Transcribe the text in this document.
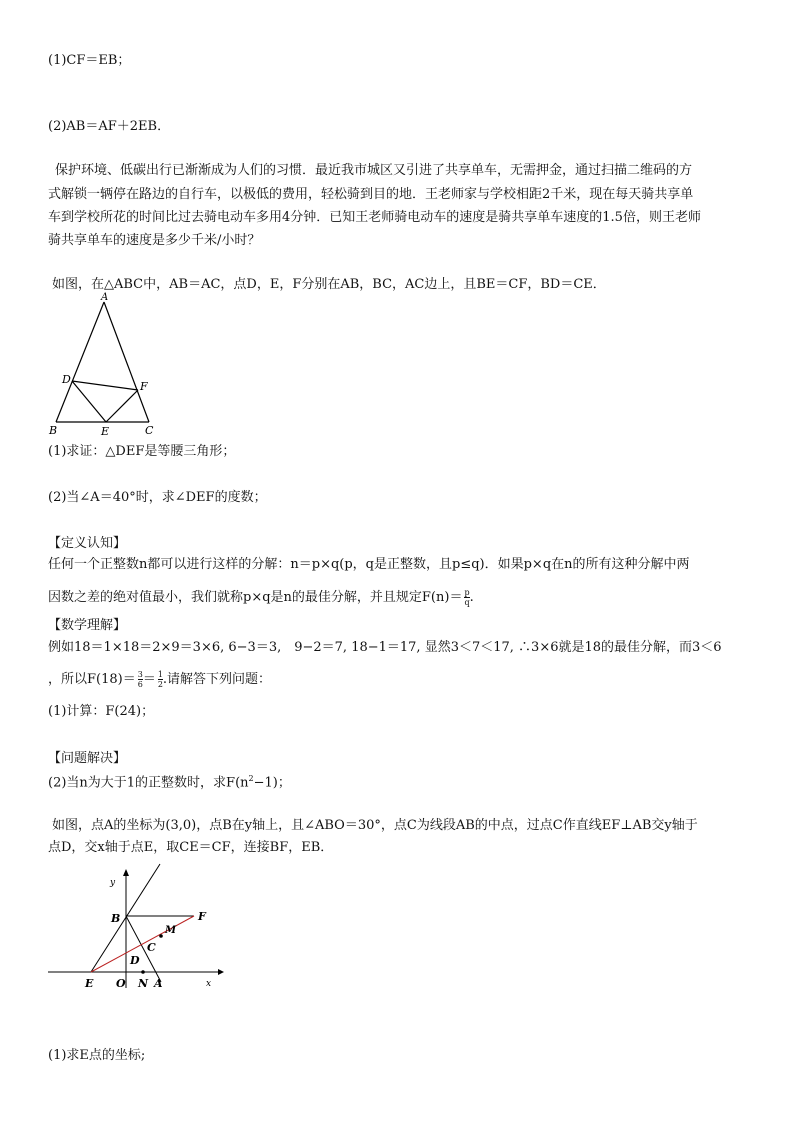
(1)CF＝EB；
(2)AB＝AF＋2EB．
保护环境、低碳出行已渐渐成为人们的习惯．最近我市城区又引进了共享单车，无需押金，通过扫描二维码的方
式解锁一辆停在路边的自行车，以极低的费用，轻松骑到目的地．王老师家与学校相距2千米，现在每天骑共享单
车到学校所花的时间比过去骑电动车多用4分钟．已知王老师骑电动车的速度是骑共享单车速度的1.5倍，则王老师
骑共享单车的速度是多少千米/小时？
如图，在△ABC中，AB＝AC，点D，E，F分别在AB，BC，AC边上，且BE＝CF，BD＝CE．
A
D
F
B	E	C
(1)求证：△DEF是等腰三角形；
(2)当∠A＝40°时，求∠DEF的度数；
【定义认知】
任何一个正整数n都可以进行这样的分解：n＝p×q(p，q是正整数，且p≤q)．如果p×q在n的所有这种分解中两
因数之差的绝对值最小，我们就称p×q是n的最佳分解，并且规定$F(n)= \frac{p}{q}$ .
【数学理解】
例如18＝1×18＝2×9＝3×6, 6−3＝3,　9−2＝7, 18−1＝17, 显然3＜7＜17, ∴3×6就是18的最佳分解，而3＜6
，所以$F(18)= \frac{3}{6} = \frac{1}{2}$ .请解答下列问题：
(1)计算：F(24)；
【问题解决】
(2)当n为大于1的正整数时，求$F(n^2-1)$；
如图，点A的坐标为(3,0)，点B在y轴上，且∠ABO＝30°，点C为线段AB的中点，过点C作直线EF⊥AB交y轴于
点D，交x轴于点E，取CE＝CF，连接BF，EB．
y
x
B	F
M
C
D
E O N A
(1)求E点的坐标;
